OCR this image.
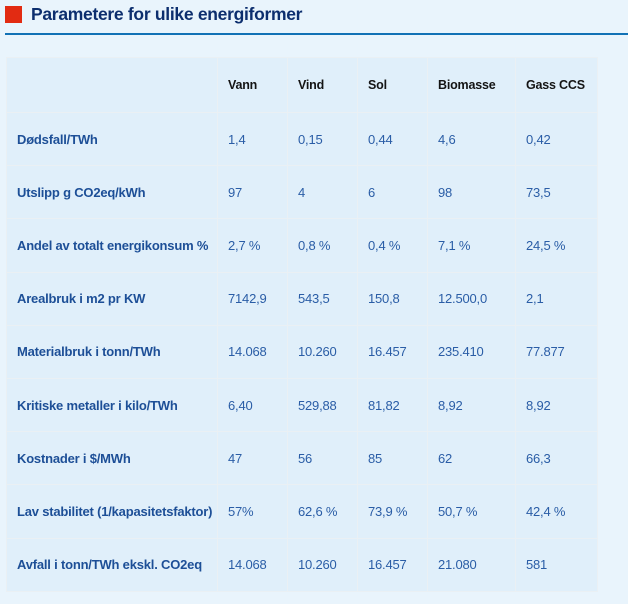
Parametere for ulike energiformer
	Vann	Vind	Sol	Biomasse	Gass CCS
Dødsfall/TWh	1,4	0,15	0,44	4,6	0,42
Utslipp g CO2eq/kWh	97	4	6	98	73,5
Andel av totalt energikonsum %	2,7 %	0,8 %	0,4 %	7,1 %	24,5 %
Arealbruk i m2 pr KW	7142,9	543,5	150,8	12.500,0	2,1
Materialbruk i tonn/TWh	14.068	10.260	16.457	235.410	77.877
Kritiske metaller i kilo/TWh	6,40	529,88	81,82	8,92	8,92
Kostnader i $/MWh	47	56	85	62	66,3
Lav stabilitet (1/kapasitetsfaktor)	57%	62,6 %	73,9 %	50,7 %	42,4 %
Avfall i tonn/TWh ekskl. CO2eq	14.068	10.260	16.457	21.080	581
